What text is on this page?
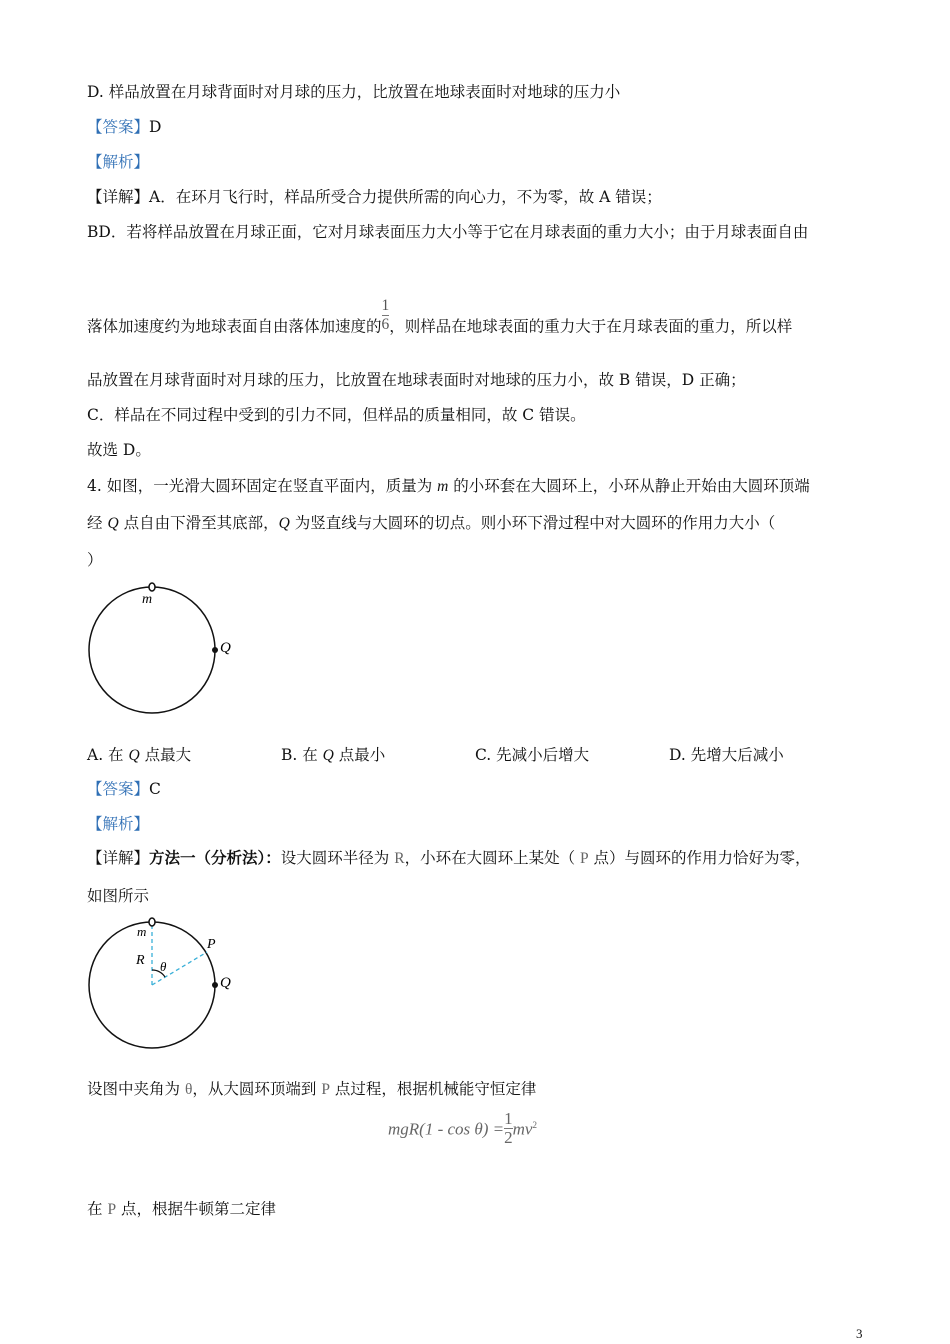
D. 样品放置在月球背面时对月球的压力，比放置在地球表面时对地球的压力小
【答案】D
【解析】
【详解】A．在环月飞行时，样品所受合力提供所需的向心力，不为零，故 A 错误；
BD．若将样品放置在月球正面，它对月球表面压力大小等于它在月球表面的重力大小；由于月球表面自由
落体加速度约为地球表面自由落体加速度的 $\frac{1}{6}$ ，则样品在地球表面的重力大于在月球表面的重力，所以样
品放置在月球背面时对月球的压力，比放置在地球表面时对地球的压力小，故 B 错误，D 正确；
C．样品在不同过程中受到的引力不同，但样品的质量相同，故 C 错误。
故选 D。
4. 如图，一光滑大圆环固定在竖直平面内，质量为 m 的小环套在大圆环上，小环从静止开始由大圆环顶端
经 Q 点自由下滑至其底部，Q 为竖直线与大圆环的切点。则小环下滑过程中对大圆环的作用力大小（
）
【答案】C
【解析】
【详解】方法一（分析法）：设大圆环半径为 R，小环在大圆环上某处（ P 点）与圆环的作用力恰好为零，
如图所示
设图中夹角为 θ，从大圆环顶端到 P 点过程，根据机械能守恒定律
在 P 点，根据牛顿第二定律
A. 在 Q 点最大	B. 在 Q 点最小	C. 先减小后增大	D. 先增大后减小
m
Q
m
P
R θ
Q
$mgR(1 - \cos \theta) = \frac{1}{2} mv^2$
3
